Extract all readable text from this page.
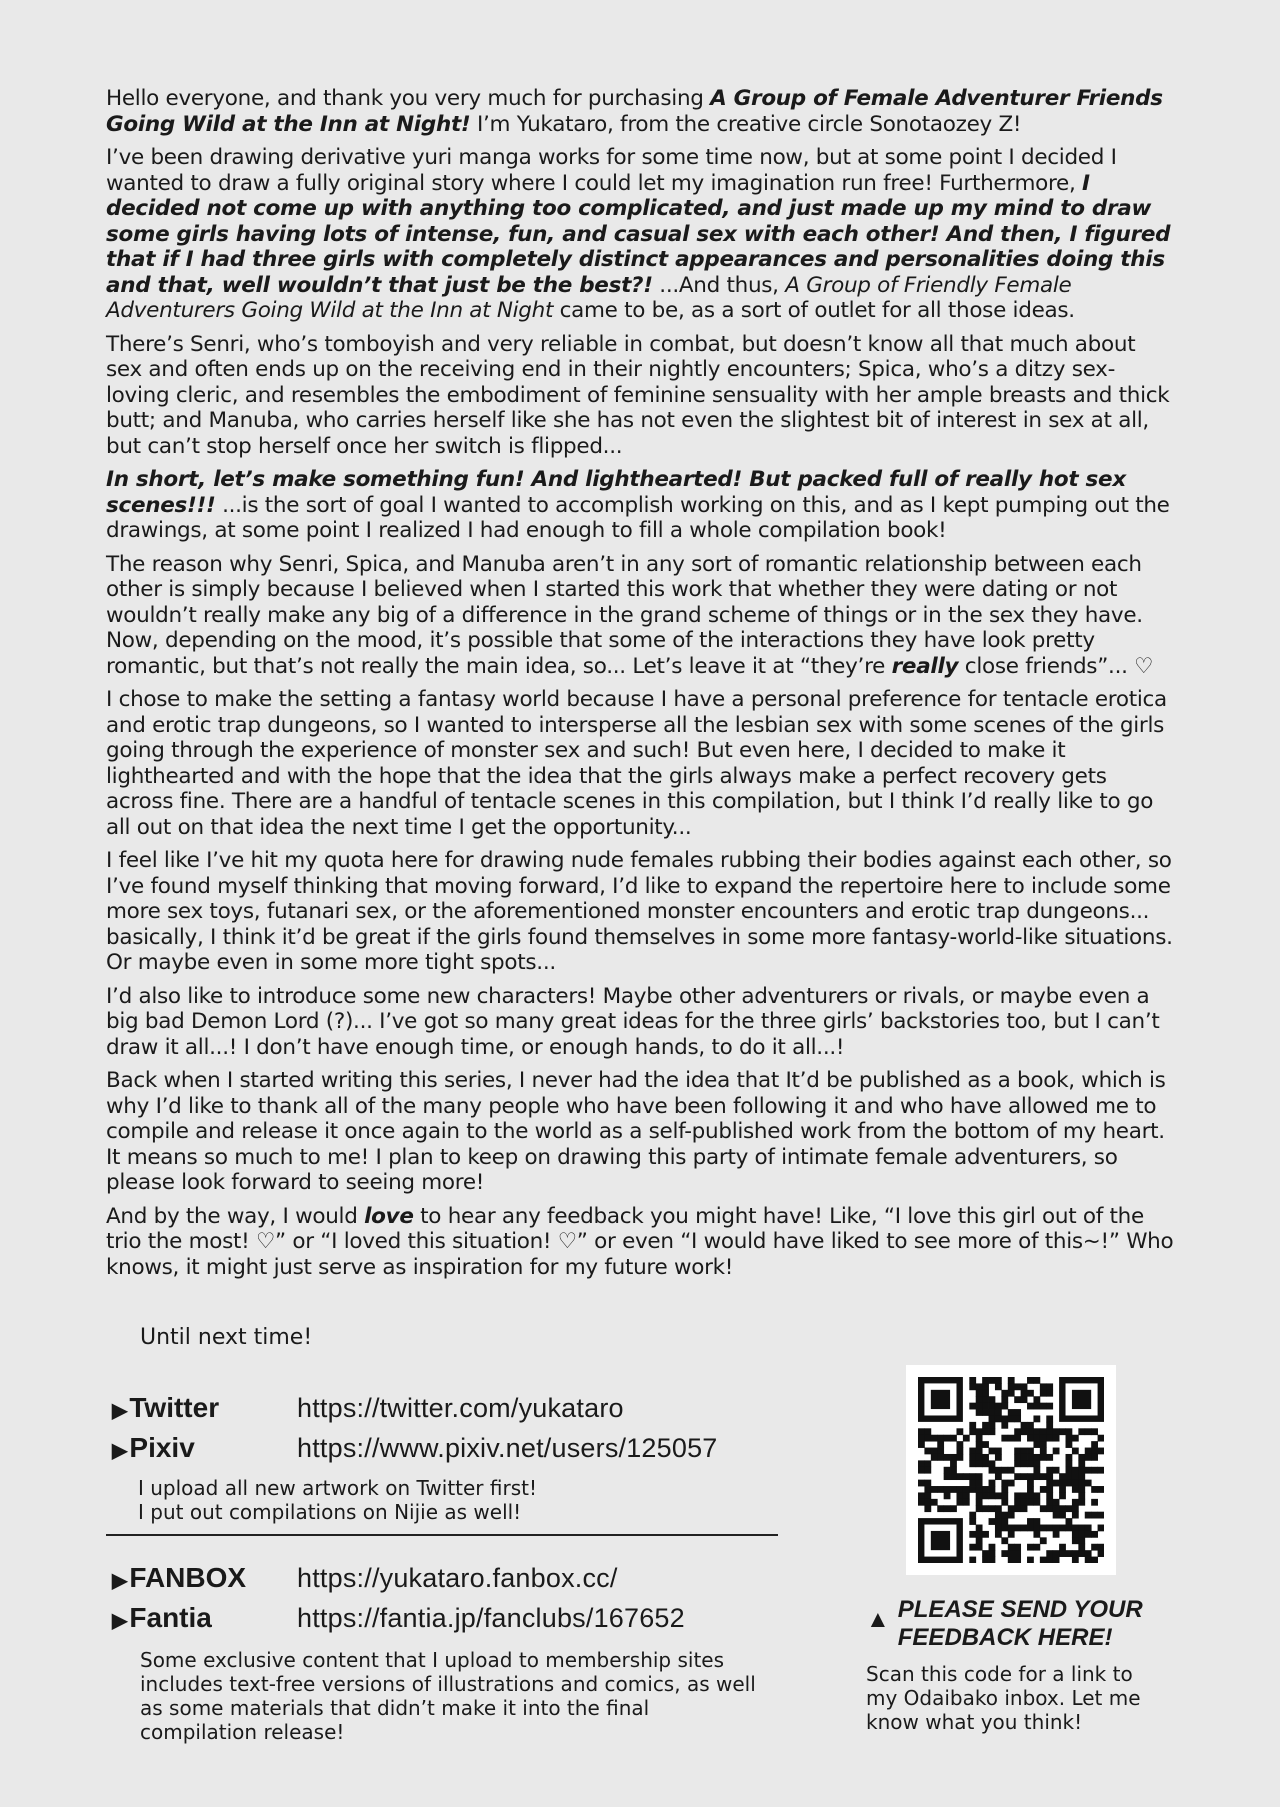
Hello everyone, and thank you very much for purchasing A Group of Female Adventurer Friends Going Wild at the Inn at Night! I’m Yukataro, from the creative circle Sonotaozey Z!

I’ve been drawing derivative yuri manga works for some time now, but at some point I decided I wanted to draw a fully original story where I could let my imagination run free! Furthermore, I decided not come up with anything too complicated, and just made up my mind to draw some girls having lots of intense, fun, and casual sex with each other! And then, I figured that if I had three girls with completely distinct appearances and personalities doing this and that, well wouldn’t that just be the best?! ...And thus, A Group of Friendly Female Adventurers Going Wild at the Inn at Night came to be, as a sort of outlet for all those ideas.

There’s Senri, who’s tomboyish and very reliable in combat, but doesn’t know all that much about sex and often ends up on the receiving end in their nightly encounters; Spica, who’s a ditzy sex-loving cleric, and resembles the embodiment of feminine sensuality with her ample breasts and thick butt; and Manuba, who carries herself like she has not even the slightest bit of interest in sex at all, but can’t stop herself once her switch is flipped...

In short, let’s make something fun! And lighthearted! But packed full of really hot sex scenes!!! ...is the sort of goal I wanted to accomplish working on this, and as I kept pumping out the drawings, at some point I realized I had enough to fill a whole compilation book!

The reason why Senri, Spica, and Manuba aren’t in any sort of romantic relationship between each other is simply because I believed when I started this work that whether they were dating or not wouldn’t really make any big of a difference in the grand scheme of things or in the sex they have. Now, depending on the mood, it’s possible that some of the interactions they have look pretty romantic, but that’s not really the main idea, so... Let’s leave it at “they’re really close friends”... ♡

I chose to make the setting a fantasy world because I have a personal preference for tentacle erotica and erotic trap dungeons, so I wanted to intersperse all the lesbian sex with some scenes of the girls going through the experience of monster sex and such! But even here, I decided to make it lighthearted and with the hope that the idea that the girls always make a perfect recovery gets across fine. There are a handful of tentacle scenes in this compilation, but I think I’d really like to go all out on that idea the next time I get the opportunity...

I feel like I’ve hit my quota here for drawing nude females rubbing their bodies against each other, so I’ve found myself thinking that moving forward, I’d like to expand the repertoire here to include some more sex toys, futanari sex, or the aforementioned monster encounters and erotic trap dungeons... basically, I think it’d be great if the girls found themselves in some more fantasy-world-like situations. Or maybe even in some more tight spots...

I’d also like to introduce some new characters! Maybe other adventurers or rivals, or maybe even a big bad Demon Lord (?)... I’ve got so many great ideas for the three girls’ backstories too, but I can’t draw it all...! I don’t have enough time, or enough hands, to do it all...!

Back when I started writing this series, I never had the idea that It’d be published as a book, which is why I’d like to thank all of the many people who have been following it and who have allowed me to compile and release it once again to the world as a self-published work from the bottom of my heart. It means so much to me! I plan to keep on drawing this party of intimate female adventurers, so please look forward to seeing more!

And by the way, I would love to hear any feedback you might have! Like, “I love this girl out of the trio the most! ♡” or “I loved this situation! ♡” or even “I would have liked to see more of this~!” Who knows, it might just serve as inspiration for my future work!

Until next time!
▶Twitter	https://twitter.com/yukataro
▶Pixiv	https://www.pixiv.net/users/125057
I upload all new artwork on Twitter first!
I put out compilations on Nijie as well!
▶FANBOX	https://yukataro.fanbox.cc/
▶Fantia	https://fantia.jp/fanclubs/167652
Some exclusive content that I upload to membership sites includes text-free versions of illustrations and comics, as well as some materials that didn’t make it into the final compilation release!
▲ PLEASE SEND YOUR FEEDBACK HERE!
Scan this code for a link to my Odaibako inbox. Let me know what you think!
